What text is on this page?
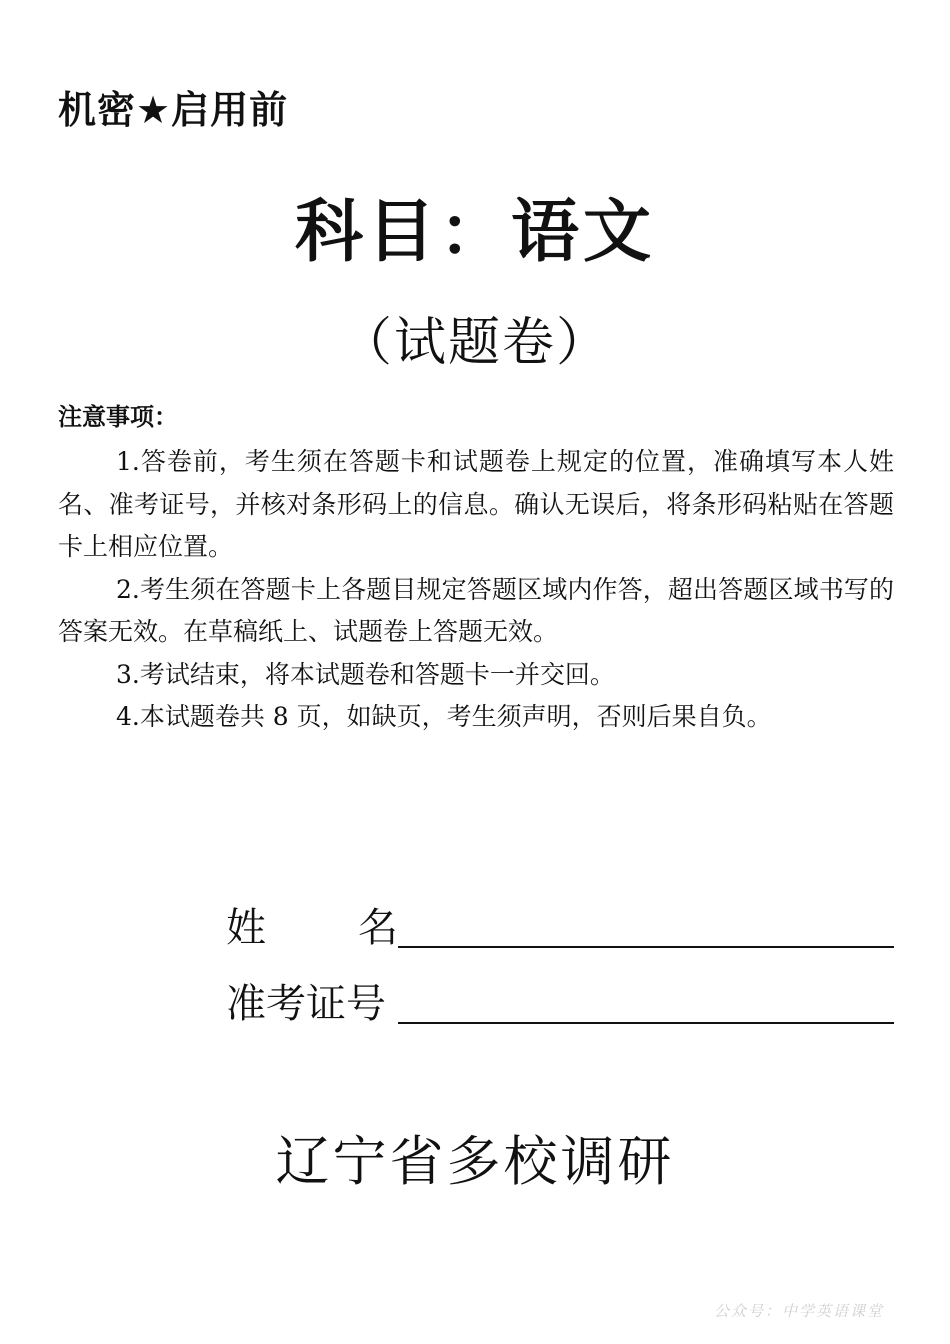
机密★启用前
科目：语文
（试题卷）
注意事项：

1.答卷前，考生须在答题卡和试题卷上规定的位置，准确填写本人姓名、准考证号，并核对条形码上的信息。确认无误后，将条形码粘贴在答题卡上相应位置。

2.考生须在答题卡上各题目规定答题区域内作答，超出答题区域书写的答案无效。在草稿纸上、试题卷上答题无效。

3.考试结束，将本试题卷和答题卡一并交回。

4.本试题卷共 8 页，如缺页，考生须声明，否则后果自负。

姓 名
准考证号
辽宁省多校调研
公众号：中学英语课堂
